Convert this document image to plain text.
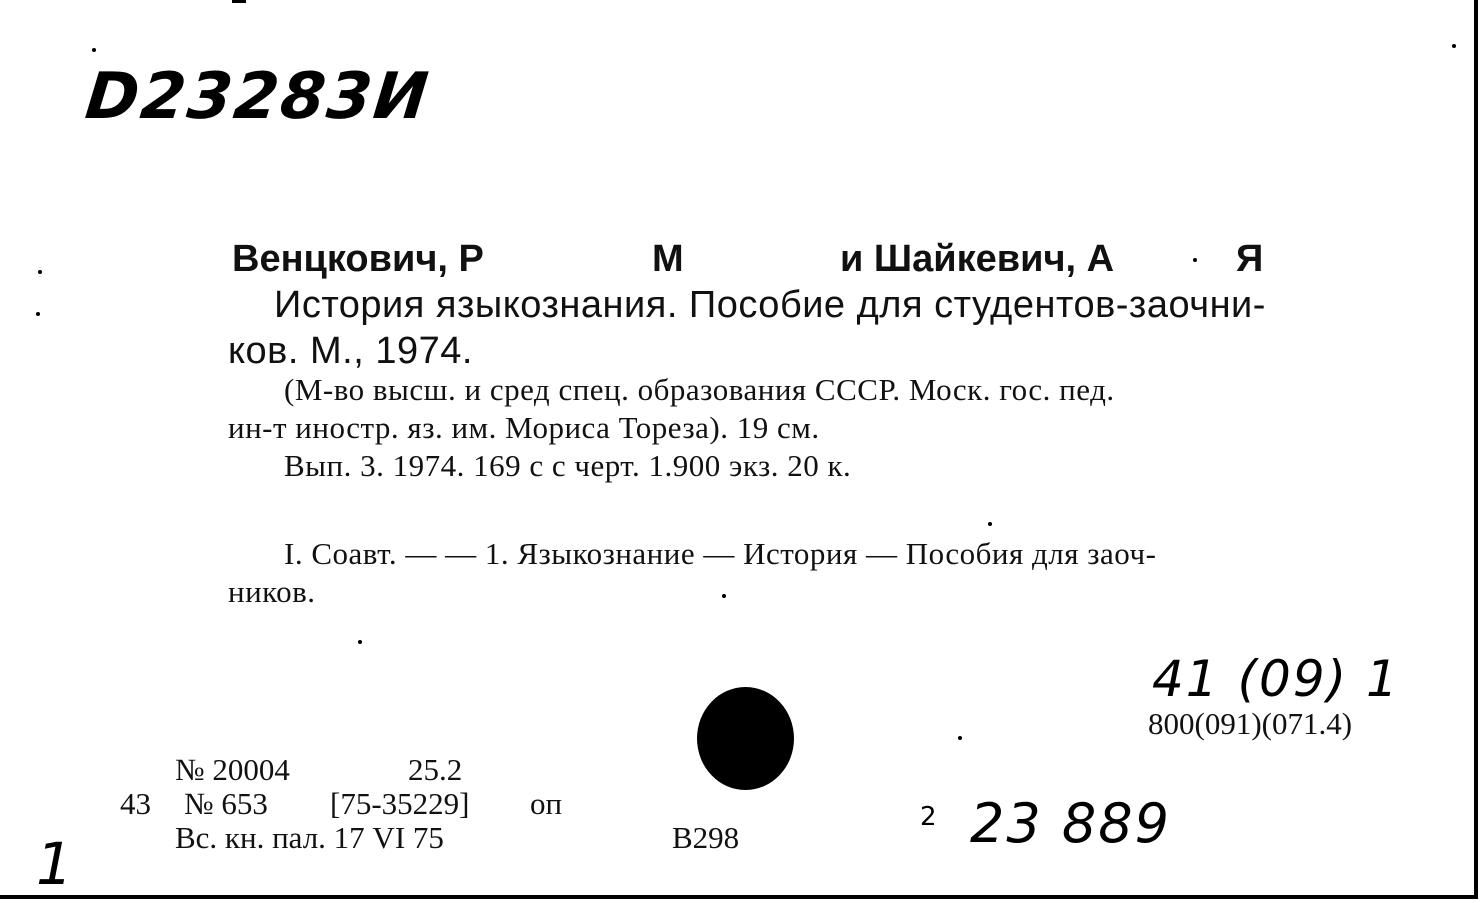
D23283И
Венцкович, Р	М	и Шайкевич, А	Я
История языкознания. Пособие для студентов-заочни-
ков. М., 1974.
(М-во высш. и сред спец. образования СССР. Моск. гос. пед.
ин-т иностр. яз. им. Мориса Тореза). 19 см.
Вып. 3. 1974. 169 с с черт. 1.900 экз. 20 к.
I. Соавт. — — 1. Языкознание — История — Пособия для заоч-
ников.
41 (09) 1
800(091)(071.4)
№ 20004	25.2
43 № 653 [75-35229] оп
Вс. кн. пал. 17 VI 75	В298
2 23 889
1
